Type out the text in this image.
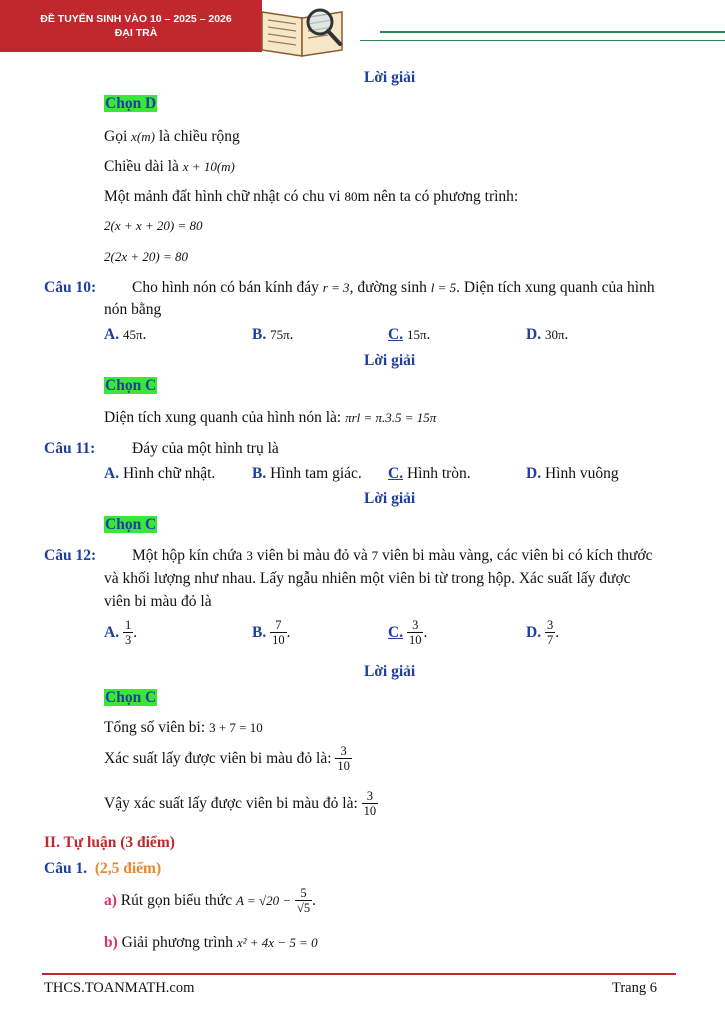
ĐỀ TUYỂN SINH VÀO 10 – 2025 – 2026
ĐẠI TRÀ
Lời giải
Chọn D
Gọi x(m) là chiều rộng
Chiều dài là x + 10(m)
Một mảnh đất hình chữ nhật có chu vi 80m nên ta có phương trình:
2(x + x + 20) = 80
2(2x + 20) = 80
Câu 10: Cho hình nón có bán kính đáy r = 3, đường sinh l = 5. Diện tích xung quanh của hình
nón bằng
A. 45π.	B. 75π.	C. 15π.	D. 30π.
Lời giải
Chọn C
Diện tích xung quanh của hình nón là: πrl = π.3.5 = 15π
Câu 11: Đáy của một hình trụ là
A. Hình chữ nhật. B. Hình tam giác. C. Hình tròn.	D. Hình vuông
Lời giải
Chọn C
Câu 12: Một hộp kín chứa 3 viên bi màu đỏ và 7 viên bi màu vàng, các viên bi có kích thước
và khối lượng như nhau. Lấy ngẫu nhiên một viên bi từ trong hộp. Xác suất lấy được
viên bi màu đỏ là
A. $\frac{1}{3}$ .	B. $\frac{7}{10}$ .	C. $\frac{3}{10}$ .	D. $\frac{3}{7}$ .
Lời giải
Chọn C
Tổng số viên bi: 3 + 7 = 10
Xác suất lấy được viên bi màu đỏ là: $\frac{3}{10}$
Vậy xác suất lấy được viên bi màu đỏ là: $\frac{3}{10}$
II. Tự luận (3 điểm)
Câu 1. (2,5 điểm)
a) Rút gọn biểu thức $A = √20 - \frac{5}{√5}$ .
b) Giải phương trình x² + 4x − 5 = 0
THCS.TOANMATH.com	Trang 6
